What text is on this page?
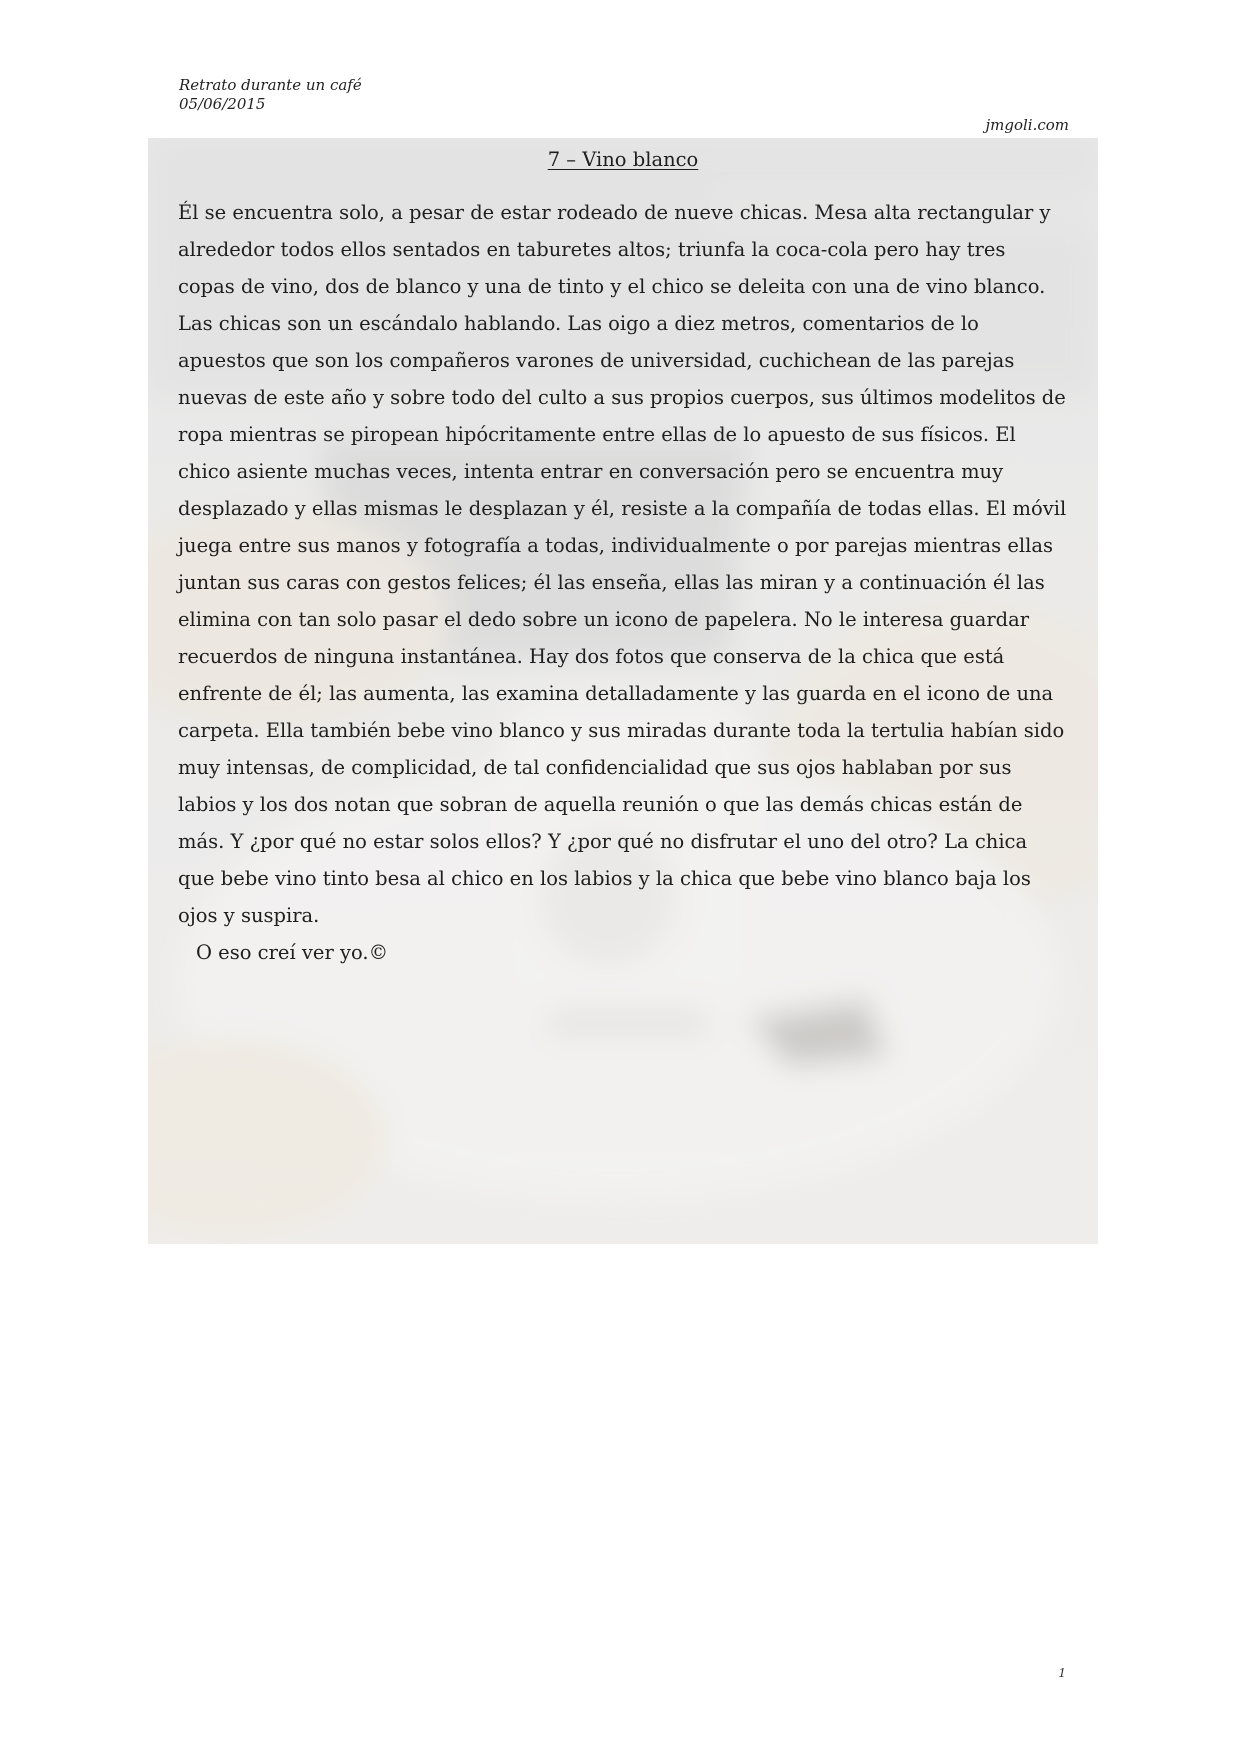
Retrato durante un café
05/06/2015
jmgoli.com
7 – Vino blanco

Él se encuentra solo, a pesar de estar rodeado de nueve chicas. Mesa alta rectangular y alrededor todos ellos sentados en taburetes altos; triunfa la coca-cola pero hay tres copas de vino, dos de blanco y una de tinto y el chico se deleita con una de vino blanco. Las chicas son un escándalo hablando. Las oigo a diez metros, comentarios de lo apuestos que son los compañeros varones de universidad, cuchichean de las parejas nuevas de este año y sobre todo del culto a sus propios cuerpos, sus últimos modelitos de ropa mientras se piropean hipócritamente entre ellas de lo apuesto de sus físicos. El chico asiente muchas veces, intenta entrar en conversación pero se encuentra muy desplazado y ellas mismas le desplazan y él, resiste a la compañía de todas ellas. El móvil juega entre sus manos y fotografía a todas, individualmente o por parejas mientras ellas juntan sus caras con gestos felices; él las enseña, ellas las miran y a continuación él las elimina con tan solo pasar el dedo sobre un icono de papelera. No le interesa guardar recuerdos de ninguna instantánea. Hay dos fotos que conserva de la chica que está enfrente de él; las aumenta, las examina detalladamente y las guarda en el icono de una carpeta. Ella también bebe vino blanco y sus miradas durante toda la tertulia habían sido muy intensas, de complicidad, de tal confidencialidad que sus ojos hablaban por sus labios y los dos notan que sobran de aquella reunión o que las demás chicas están de más. Y ¿por qué no estar solos ellos? Y ¿por qué no disfrutar el uno del otro? La chica que bebe vino tinto besa al chico en los labios y la chica que bebe vino blanco baja los ojos y suspira.

O eso creí ver yo.©

1
